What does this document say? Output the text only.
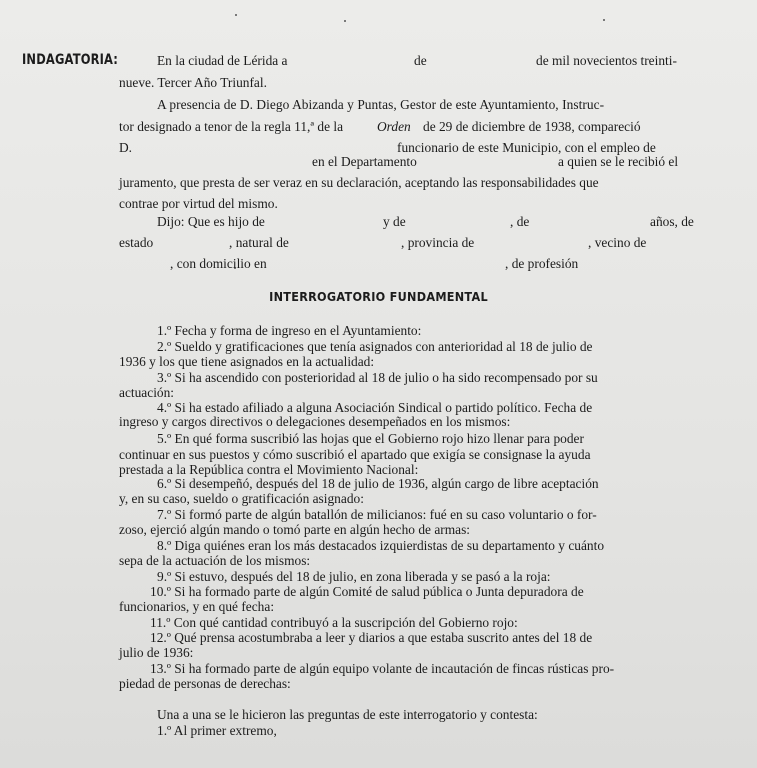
INDAGATORIA:	En la ciudad de Lérida a	de	de mil novecientos treinti-
nueve. Tercer Año Triunfal.
A presencia de D. Diego Abizanda y Puntas, Gestor de este Ayuntamiento, Instruc-
tor designado a tenor de la regla 11,ª de la	Orden de 29 de diciembre de 1938, compareció
D.	funcionario de este Municipio, con el empleo de
en el Departamento	a quien se le recibió el
juramento, que presta de ser veraz en su declaración, aceptando las responsabilidades que
contrae por virtud del mismo.
Dijo: Que es hijo de	y de	, de	años, de
estado	, natural de	, provincia de	, vecino de
, con domicilio en	, de profesión
INTERROGATORIO FUNDAMENTAL
1.º Fecha y forma de ingreso en el Ayuntamiento:
2.º Sueldo y gratificaciones que tenía asignados con anterioridad al 18 de julio de
1936 y los que tiene asignados en la actualidad:
3.º Si ha ascendido con posterioridad al 18 de julio o ha sido recompensado por su
actuación:
4.º Si ha estado afiliado a alguna Asociación Sindical o partido político. Fecha de
ingreso y cargos directivos o delegaciones desempeñados en los mismos:
5.º En qué forma suscribió las hojas que el Gobierno rojo hizo llenar para poder
continuar en sus puestos y cómo suscribió el apartado que exigía se consignase la ayuda
prestada a la República contra el Movimiento Nacional:
6.º Si desempeñó, después del 18 de julio de 1936, algún cargo de libre aceptación
y, en su caso, sueldo o gratificación asignado:
7.º Si formó parte de algún batallón de milicianos: fué en su caso voluntario o for-
zoso, ejerció algún mando o tomó parte en algún hecho de armas:
8.º Diga quiénes eran los más destacados izquierdistas de su departamento y cuánto
sepa de la actuación de los mismos:
9.º Si estuvo, después del 18 de julio, en zona liberada y se pasó a la roja:
10.º Si ha formado parte de algún Comité de salud pública o Junta depuradora de
funcionarios, y en qué fecha:
11.º Con qué cantidad contribuyó a la suscripción del Gobierno rojo:
12.º Qué prensa acostumbraba a leer y diarios a que estaba suscrito antes del 18 de
julio de 1936:
13.º Si ha formado parte de algún equipo volante de incautación de fincas rústicas pro-
piedad de personas de derechas:
Una a una se le hicieron las preguntas de este interrogatorio y contesta:
1.º Al primer extremo,
